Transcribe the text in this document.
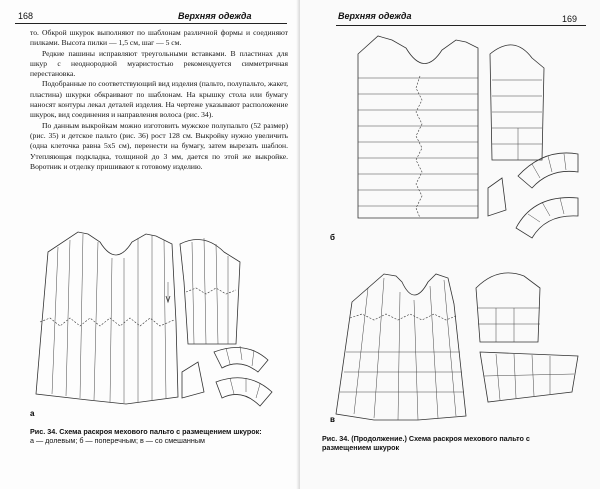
168	Верхняя одежда

то. Обкрой шкурок выполняют по шаблонам различной формы и соединяют пилками. Высота пилки — 1,5 см, шаг — 5 см.

Редкие пашины исправляют треугольными вставками. В пластинах для шкур с неоднородной муаристостью рекомендуется симметричная перестановка.

Подобранные по соответствующий вид изделия (пальто, полупальто, жакет, пластина) шкурки обкраивают по шаблонам. На крышку стола или бумагу наносят контуры лекал деталей изделия. На чертеже указывают расположение шкурок, вид соединения и направления волоса (рис. 34).

По данным выкройкам можно изготовить мужское полупальто (52 размер) (рис. 35) и детское пальто (рис. 36) рост 128 см. Выкройку нужно увеличить (одна клеточка равна 5x5 см), перенести на бумагу, затем вырезать шаблон. Утепляющая подкладка, толщиной до 3 мм, дается по этой же выкройке. Воротник и отделку пришивают к готовому изделию.

а
Рис. 34. Схема раскроя мехового пальто с размещением шкурок:
а — долевым; б — поперечным; в — со смешанным
Верхняя одежда	169
б
в
Рис. 34. (Продолжение.) Схема раскроя мехового пальто с
размещением шкурок
